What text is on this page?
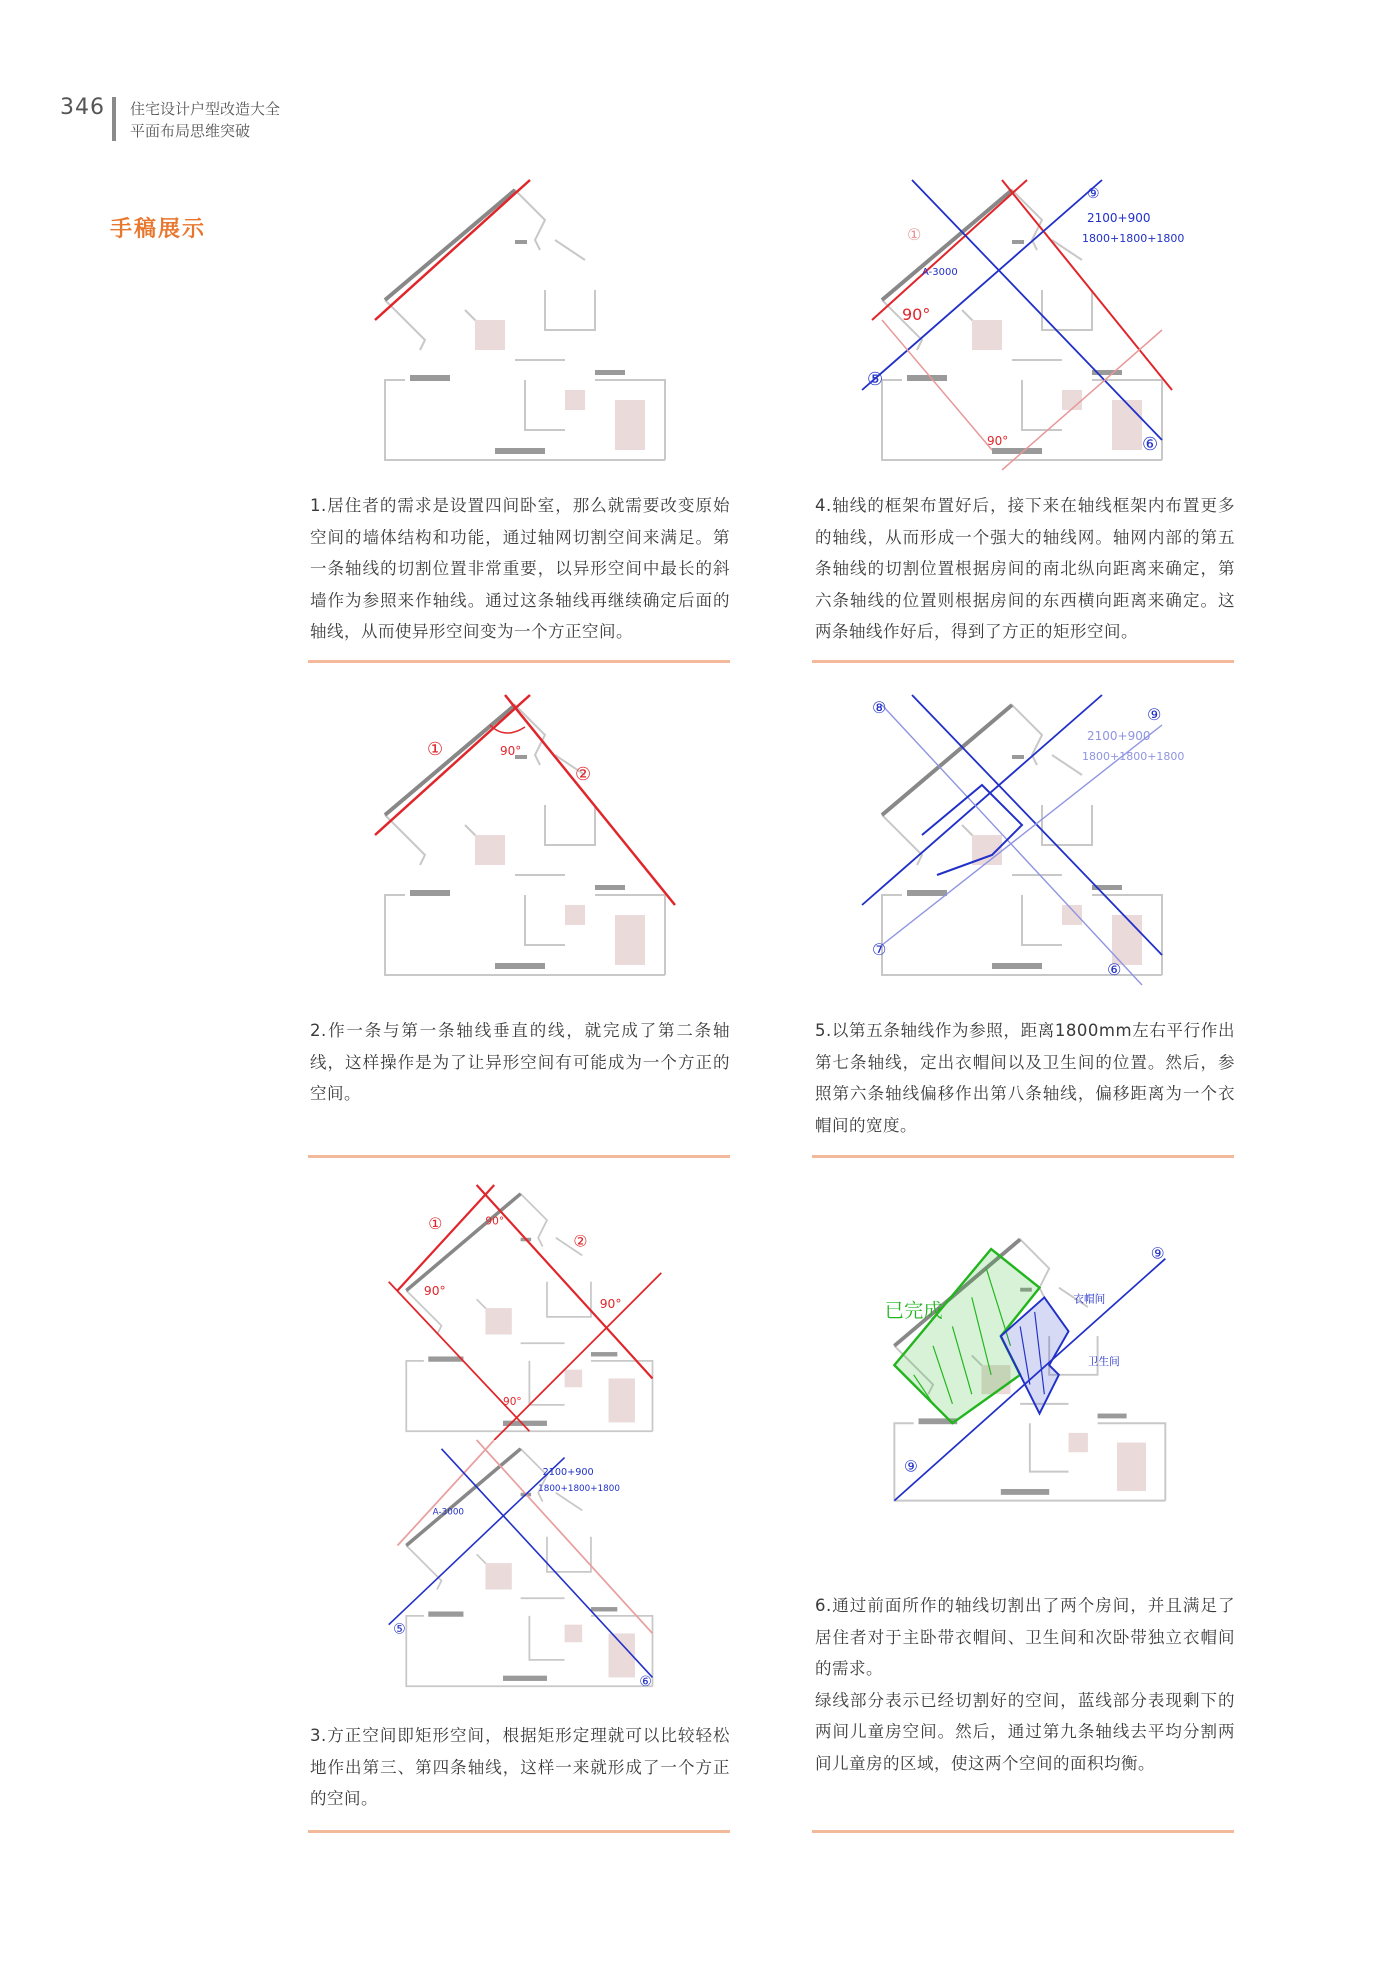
346 住宅设计户型改造大全
平面布局思维突破
手稿展示

1.居住者的需求是设置四间卧室，那么就需要改变原始空间的墙体结构和功能，通过轴网切割空间来满足。第一条轴线的切割位置非常重要，以异形空间中最长的斜墙作为参照来作轴线。通过这条轴线再继续确定后面的轴线，从而使异形空间变为一个方正空间。

①	90°
②

2.作一条与第一条轴线垂直的线，就完成了第二条轴线，这样操作是为了让异形空间有可能成为一个方正的空间。

①	90°
②
90°
90°
90°
⑤
⑥
2100+900
1800+1800+1800
A-3000

3.方正空间即矩形空间，根据矩形定理就可以比较轻松地作出第三、第四条轴线，这样一来就形成了一个方正的空间。

⑤
⑥
⑨
2100+900
1800+1800+1800
A-3000
90°
①
90°

4.轴线的框架布置好后，接下来在轴线框架内布置更多的轴线，从而形成一个强大的轴线网。轴网内部的第五条轴线的切割位置根据房间的南北纵向距离来确定，第六条轴线的位置则根据房间的东西横向距离来确定。这两条轴线作好后，得到了方正的矩形空间。

⑧
⑦
⑥
⑨
2100+900
1800+1800+1800

5.以第五条轴线作为参照，距离1800mm左右平行作出第七条轴线，定出衣帽间以及卫生间的位置。然后，参照第六条轴线偏移作出第八条轴线，偏移距离为一个衣帽间的宽度。

已完成
衣帽间
卫生间
⑨
⑨

6.通过前面所作的轴线切割出了两个房间，并且满足了居住者对于主卧带衣帽间、卫生间和次卧带独立衣帽间的需求。

绿线部分表示已经切割好的空间，蓝线部分表现剩下的两间儿童房空间。然后，通过第九条轴线去平均分割两间儿童房的区域，使这两个空间的面积均衡。
